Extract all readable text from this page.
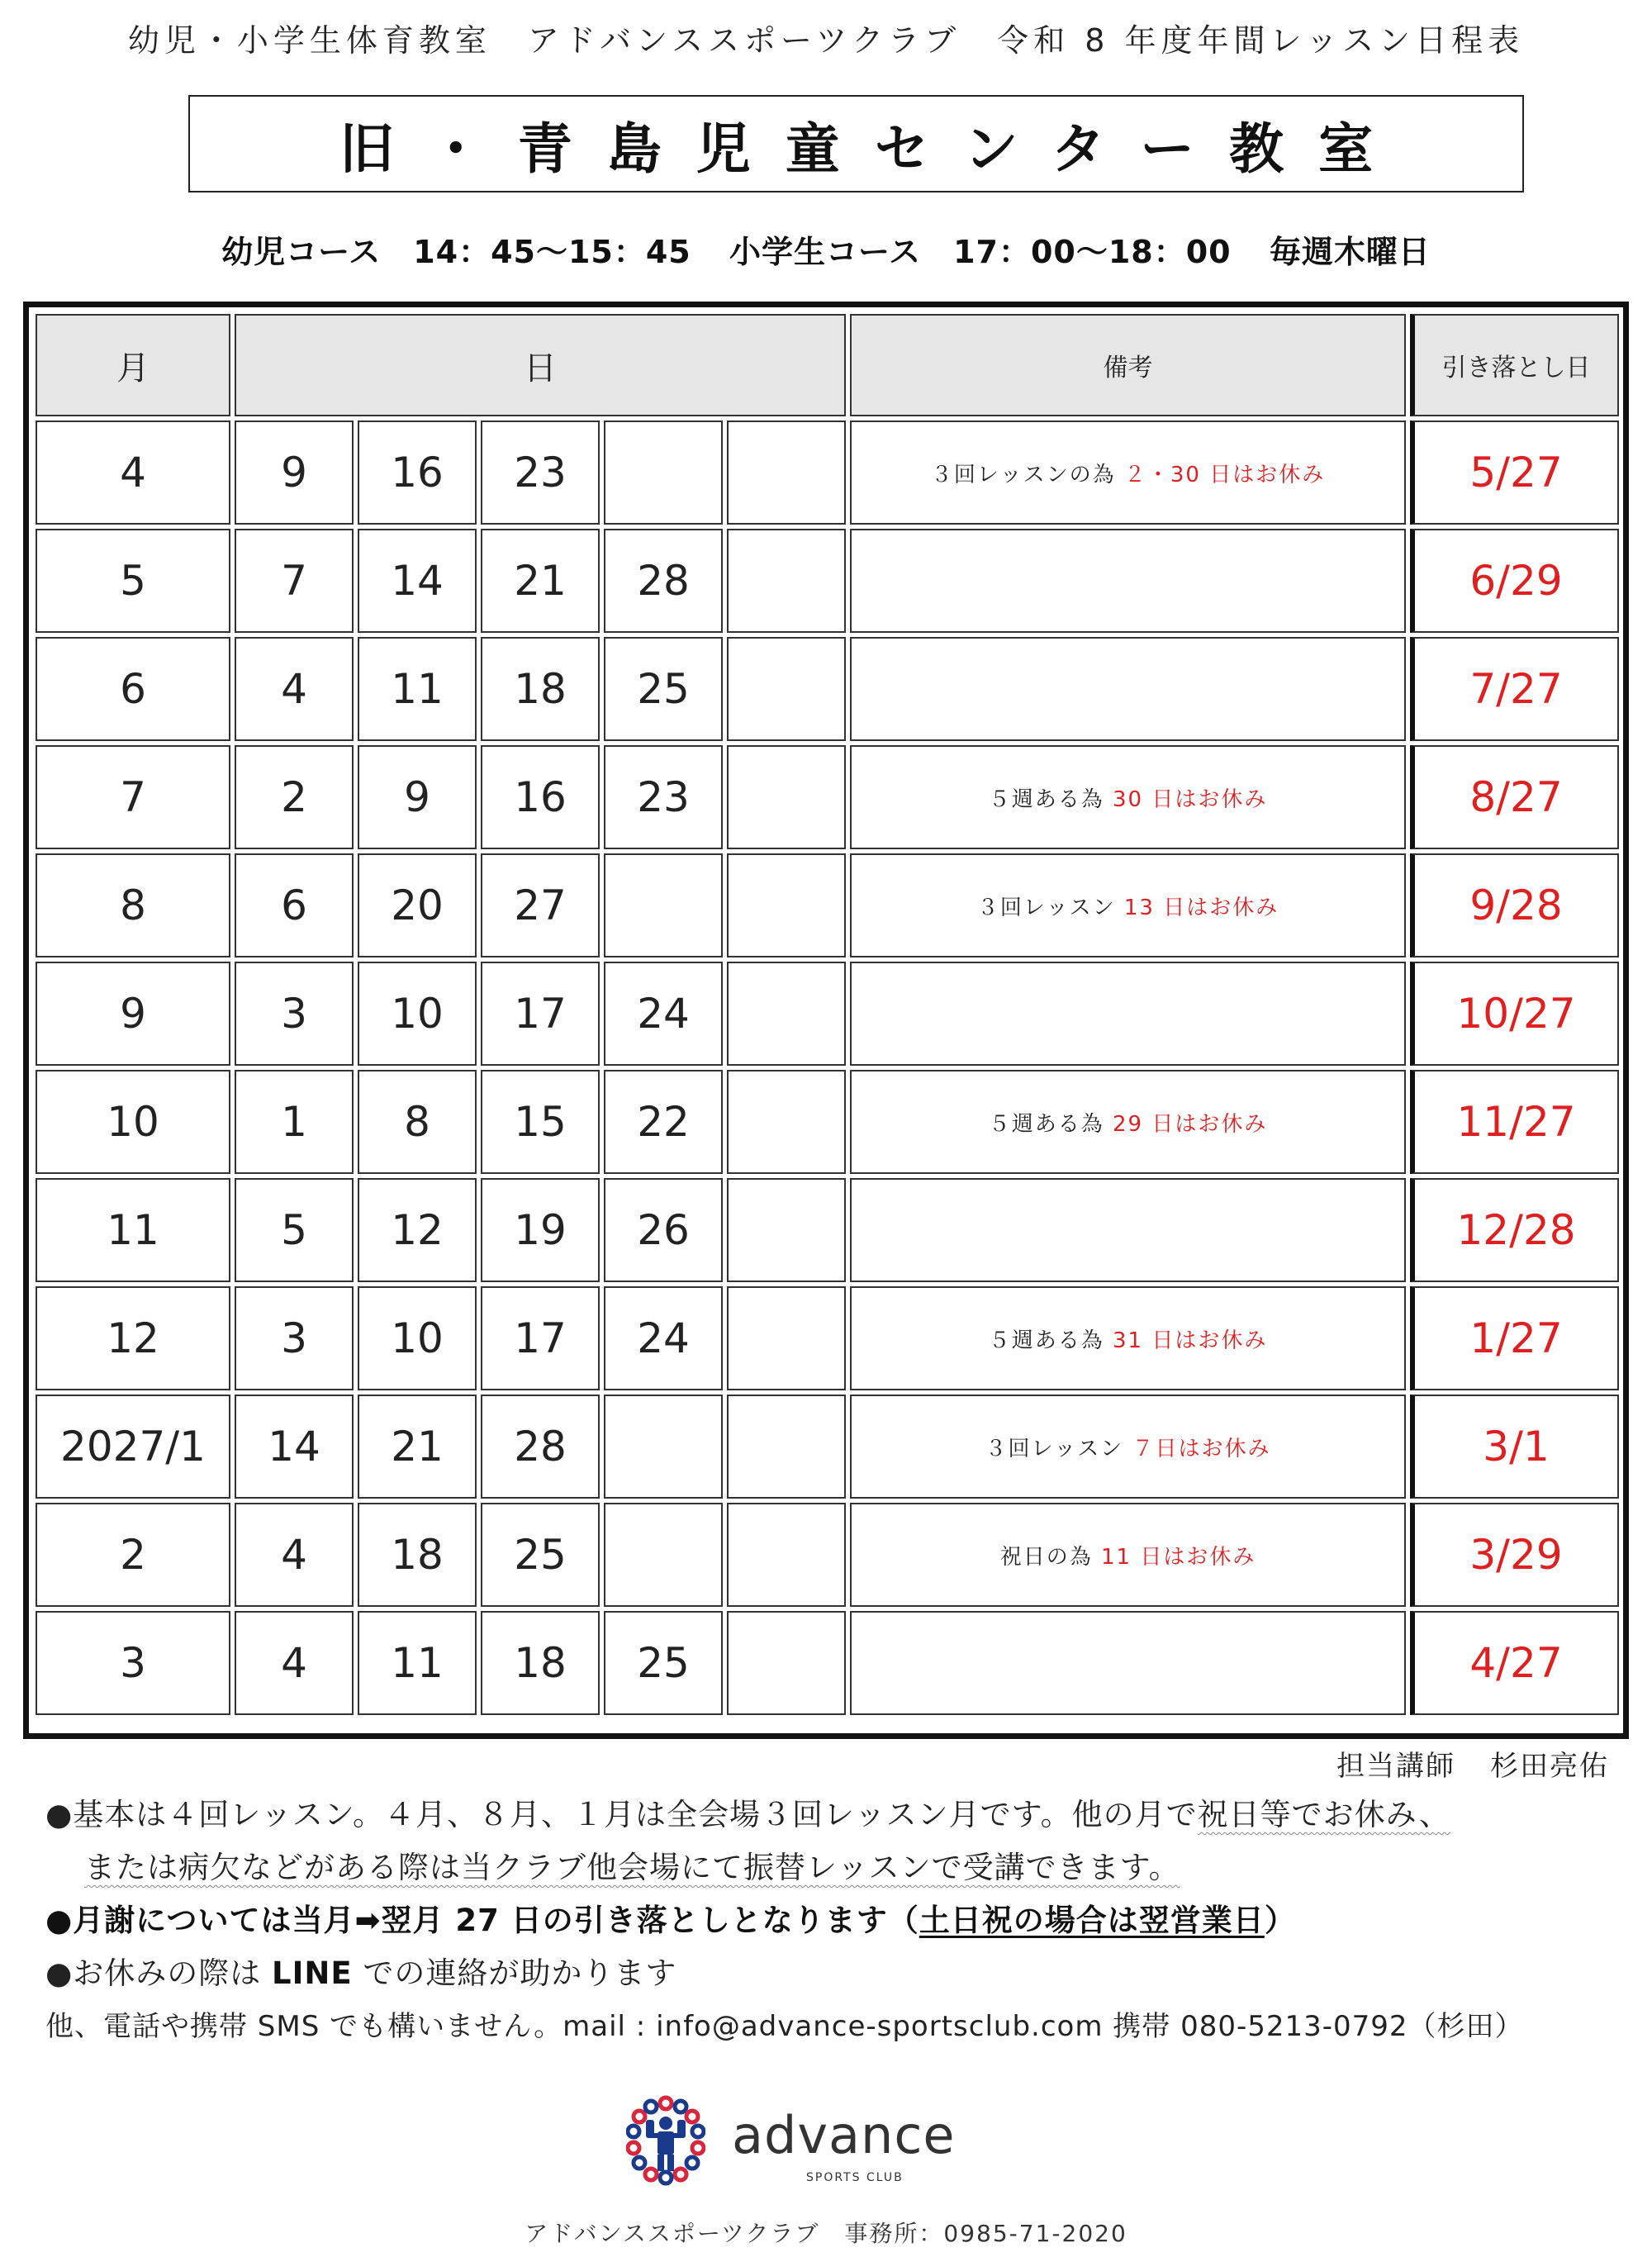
幼児・小学生体育教室　アドバンススポーツクラブ　令和 8 年度年間レッスン日程表
旧・青島児童センター教室
幼児コース　14：45〜15：45 小学生コース　17：00〜18：00 毎週木曜日
月	日					備考	引き落とし日
4	9	16	23			３回レッスンの為 ２・30 日はお休み	5/27
5	7	14	21	28			6/29
6	4	11	18	25			7/27
7	2	9	16	23		５週ある為 30 日はお休み	8/27
8	6	20	27			３回レッスン 13 日はお休み	9/28
9	3	10	17	24			10/27
10	1	8	15	22		５週ある為 29 日はお休み	11/27
11	5	12	19	26			12/28
12	3	10	17	24		５週ある為 31 日はお休み	1/27
2027/1	14	21	28			３回レッスン ７日はお休み	3/1
2	4	18	25			祝日の為 11 日はお休み	3/29
3	4	11	18	25			4/27
担当講師 杉田亮佑
●基本は４回レッスン。４月、８月、１月は全会場３回レッスン月です。他の月で祝日等でお休み、
または病欠などがある際は当クラブ他会場にて振替レッスンで受講できます。
●月謝については当月➡翌月 27 日の引き落としとなります（土日祝の場合は翌営業日）
●お休みの際は LINE での連絡が助かります
他、電話や携帯 SMS でも構いません。mail : info@advance-sportsclub.com 携帯 080-5213-0792（杉田）
advance
SPORTS CLUB
アドバンススポーツクラブ 事務所：0985-71-2020
